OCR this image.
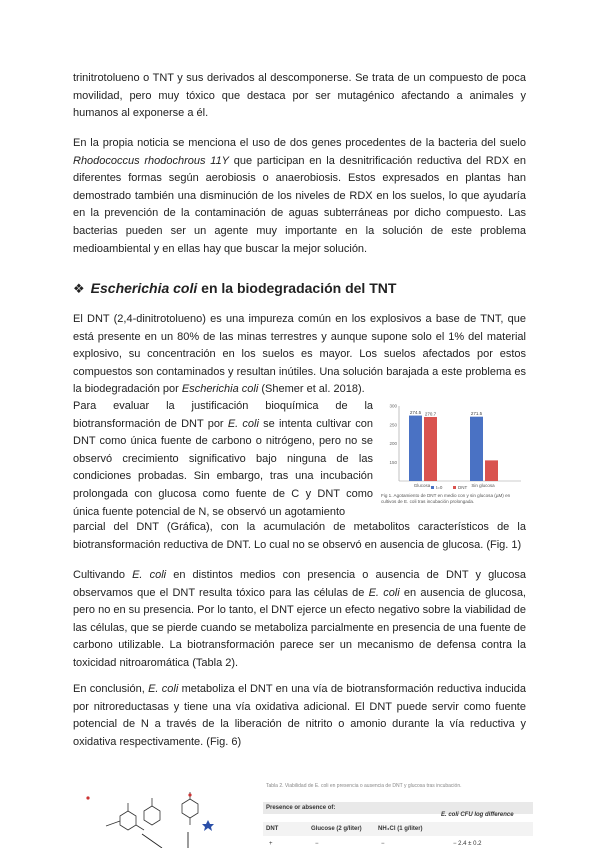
trinitrotolueno o TNT y sus derivados al descomponerse. Se trata de un compuesto de poca movilidad, pero muy tóxico que destaca por ser mutagénico afectando a animales y humanos al exponerse a él.

En la propia noticia se menciona el uso de dos genes procedentes de la bacteria del suelo Rhodococcus rhodochrous 11Y que participan en la desnitrificación reductiva del RDX en diferentes formas según aerobiosis o anaerobiosis. Estos expresados en plantas han demostrado también una disminución de los niveles de RDX en los suelos, lo que ayudaría en la prevención de la contaminación de aguas subterráneas por dicho compuesto. Las bacterias pueden ser un agente muy importante en la solución de este problema medioambiental y en ellas hay que buscar la mejor solución.

❖ Escherichia coli en la biodegradación del TNT

El DNT (2,4-dinitrotolueno) es una impureza común en los explosivos a base de TNT, que está presente en un 80% de las minas terrestres y aunque supone solo el 1% del material explosivo, su concentración en los suelos es mayor. Los suelos afectados por estos compuestos son contaminados y resultan inútiles. Una solución barajada a este problema es la biodegradación por Escherichia coli (Shemer et al. 2018).

Para evaluar la justificación bioquímica de la biotransformación de DNT por E. coli se intenta cultivar con DNT como única fuente de carbono o nitrógeno, pero no se observó crecimiento significativo bajo ninguna de las condiciones probadas. Sin embargo, tras una incubación prolongada con glucosa como fuente de C y DNT como única fuente potencial de N, se observó un agotamiento

parcial del DNT (Gráfica), con la acumulación de metabolitos característicos de la biotransformación reductiva de DNT. Lo cual no se observó en ausencia de glucosa. (Fig. 1)

300
250
200
150
274.5 270.7
Glucosa
271.5
Sin glucosa
t=0	DNT
Fig 1. Agotamiento de DNT en medio con y sin glucosa (µM) en cultivos de E. coli tras incubación prolongada.

Cultivando E. coli en distintos medios con presencia o ausencia de DNT y glucosa observamos que el DNT resulta tóxico para las células de E. coli en ausencia de glucosa, pero no en su presencia. Por lo tanto, el DNT ejerce un efecto negativo sobre la viabilidad de las células, que se pierde cuando se metaboliza parcialmente en presencia de una fuente de carbono utilizable. La biotransformación parece ser un mecanismo de defensa contra la toxicidad nitroaromática (Tabla 2).

En conclusión, E. coli metaboliza el DNT en una vía de biotransformación reductiva inducida por nitroreductasas y tiene una vía oxidativa adicional. El DNT puede servir como fuente potencial de N a través de la liberación de nitrito o amonio durante la vía reductiva y oxidativa respectivamente. (Fig. 6)

Tabla 2. Viabilidad de E. coli en presencia o ausencia de DNT y glucosa tras incubación.
Presence or absence of:
DNT	Glucose (2 g/liter)	NH₄Cl (1 g/liter)
E. coli CFU log difference
+	−	−	− 2.4 ± 0.2
